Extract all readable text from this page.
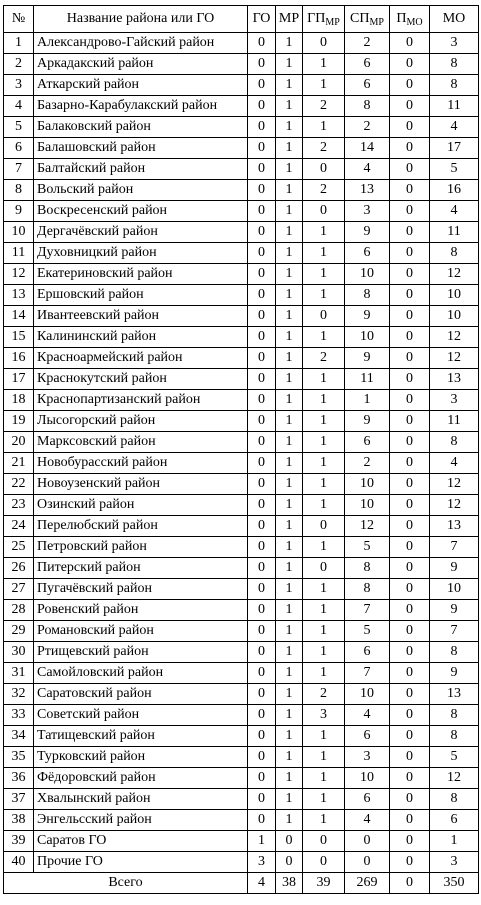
№	Название района или ГО	ГО	МР	$ГП_{МР}$	$СП_{МР}$	$П_{МО}$	МО
1	Александрово-Гайский район	0	1	0	2	0	3
2	Аркадакский район	0	1	1	6	0	8
3	Аткарский район	0	1	1	6	0	8
4	Базарно-Карабулакский район	0	1	2	8	0	11
5	Балаковский район	0	1	1	2	0	4
6	Балашовский район	0	1	2	14	0	17
7	Балтайский район	0	1	0	4	0	5
8	Вольский район	0	1	2	13	0	16
9	Воскресенский район	0	1	0	3	0	4
10	Дергачёвский район	0	1	1	9	0	11
11	Духовницкий район	0	1	1	6	0	8
12	Екатериновский район	0	1	1	10	0	12
13	Ершовский район	0	1	1	8	0	10
14	Ивантеевский район	0	1	0	9	0	10
15	Калининский район	0	1	1	10	0	12
16	Красноармейский район	0	1	2	9	0	12
17	Краснокутский район	0	1	1	11	0	13
18	Краснопартизанский район	0	1	1	1	0	3
19	Лысогорский район	0	1	1	9	0	11
20	Марксовский район	0	1	1	6	0	8
21	Новобурасский район	0	1	1	2	0	4
22	Новоузенский район	0	1	1	10	0	12
23	Озинский район	0	1	1	10	0	12
24	Перелюбский район	0	1	0	12	0	13
25	Петровский район	0	1	1	5	0	7
26	Питерский район	0	1	0	8	0	9
27	Пугачёвский район	0	1	1	8	0	10
28	Ровенский район	0	1	1	7	0	9
29	Романовский район	0	1	1	5	0	7
30	Ртищевский район	0	1	1	6	0	8
31	Самойловский район	0	1	1	7	0	9
32	Саратовский район	0	1	2	10	0	13
33	Советский район	0	1	3	4	0	8
34	Татищевский район	0	1	1	6	0	8
35	Турковский район	0	1	1	3	0	5
36	Фёдоровский район	0	1	1	10	0	12
37	Хвалынский район	0	1	1	6	0	8
38	Энгельсский район	0	1	1	4	0	6
39	Саратов ГО	1	0	0	0	0	1
40	Прочие ГО	3	0	0	0	0	3
Всего		4	38	39	269	0	350
